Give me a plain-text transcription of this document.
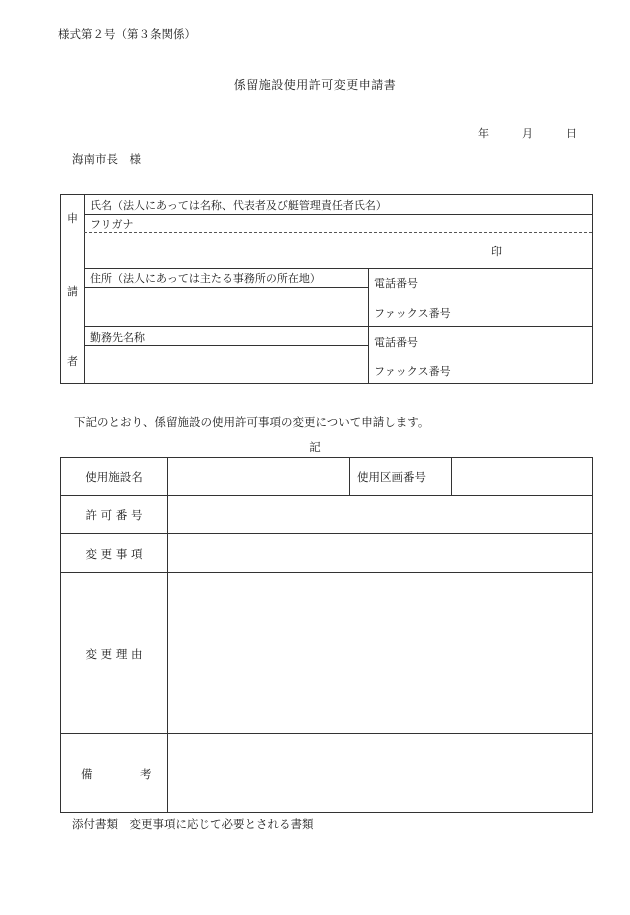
様式第２号（第３条関係）
係留施設使用許可変更申請書
年	月	日
海南市長　様
申
請
者
氏名（法人にあっては名称、代表者及び艇管理責任者氏名）
フリガナ
印
住所（法人にあっては主たる事務所の所在地）	電話番号
ファックス番号
勤務先名称	電話番号
ファックス番号
下記のとおり、係留施設の使用許可事項の変更について申請します。
記
使用施設名	使用区画番号
許 可 番 号
変 更 事 項
変 更 理 由
備	考
添付書類　変更事項に応じて必要とされる書類
